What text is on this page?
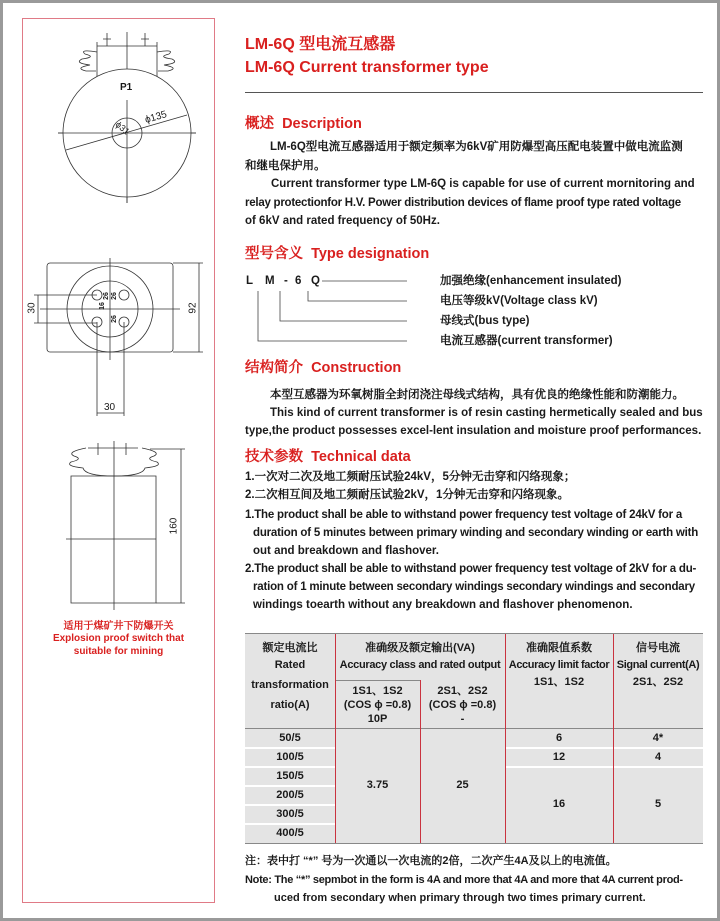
P1
ϕ135
ϕ31
92
30
30
16
26 26
26
160
适用于煤矿井下防爆开关
Explosion proof switch that
suitable for mining
LM-6Q 型电流互感器
LM-6Q Current transformer type
概述 Description
LM-6Q型电流互感器适用于额定频率为6kV矿用防爆型高压配电装置中做电流监测
和继电保护用。
Current transformer type LM-6Q is capable for use of current mornitoring and
relay protectionfor H.V. Power distribution devices of flame proof type rated voltage
of 6kV and rated frequency of 50Hz.
型号含义 Type designation
L M - 6 Q	加强绝缘(enhancement insulated)
电压等级kV(Voltage class kV)
母线式(bus type)
电流互感器(current transformer)
结构简介 Construction
本型互感器为环氧树脂全封闭浇注母线式结构，具有优良的绝缘性能和防潮能力。
This kind of current transformer is of resin casting hermetically sealed and bus
type,the product possesses excel-lent insulation and moisture proof performances.
技术参数 Technical data
1.一次对二次及地工频耐压试验24kV，5分钟无击穿和闪络现象；
2.二次相互间及地工频耐压试验2kV，1分钟无击穿和闪络现象。
1.The product shall be able to withstand power frequency test voltage of 24kV for a
duration of 5 minutes between primary winding and secondary winding or earth with
out and breakdown and flashover.
2.The product shall be able to withstand power frequency test voltage of 2kV for a du-
ration of 1 minute between secondary windings secondary windings and secondary
windings toearth without any breakdown and flashover phenomenon.
额定电流比
Rated
transformation
ratio(A)
准确级及额定输出(VA)
Accuracy class and rated output
1S1、1S2
(COS ϕ =0.8)
10P
2S1、2S2
(COS ϕ =0.8)
-
准确限值系数
Accuracy limit factor
1S1、1S2
信号电流
Signal current(A)
2S1、2S2
50/5
100/5
150/5
200/5
300/5
400/5
3.75	25
6
12
16
4*
4
5
注：表中打 “*” 号为一次通以一次电流的2倍，二次产生4A及以上的电流值。
Note: The “*” sepmbot in the form is 4A and more that 4A and more that 4A current prod-
uced from secondary when primary through two times primary current.
